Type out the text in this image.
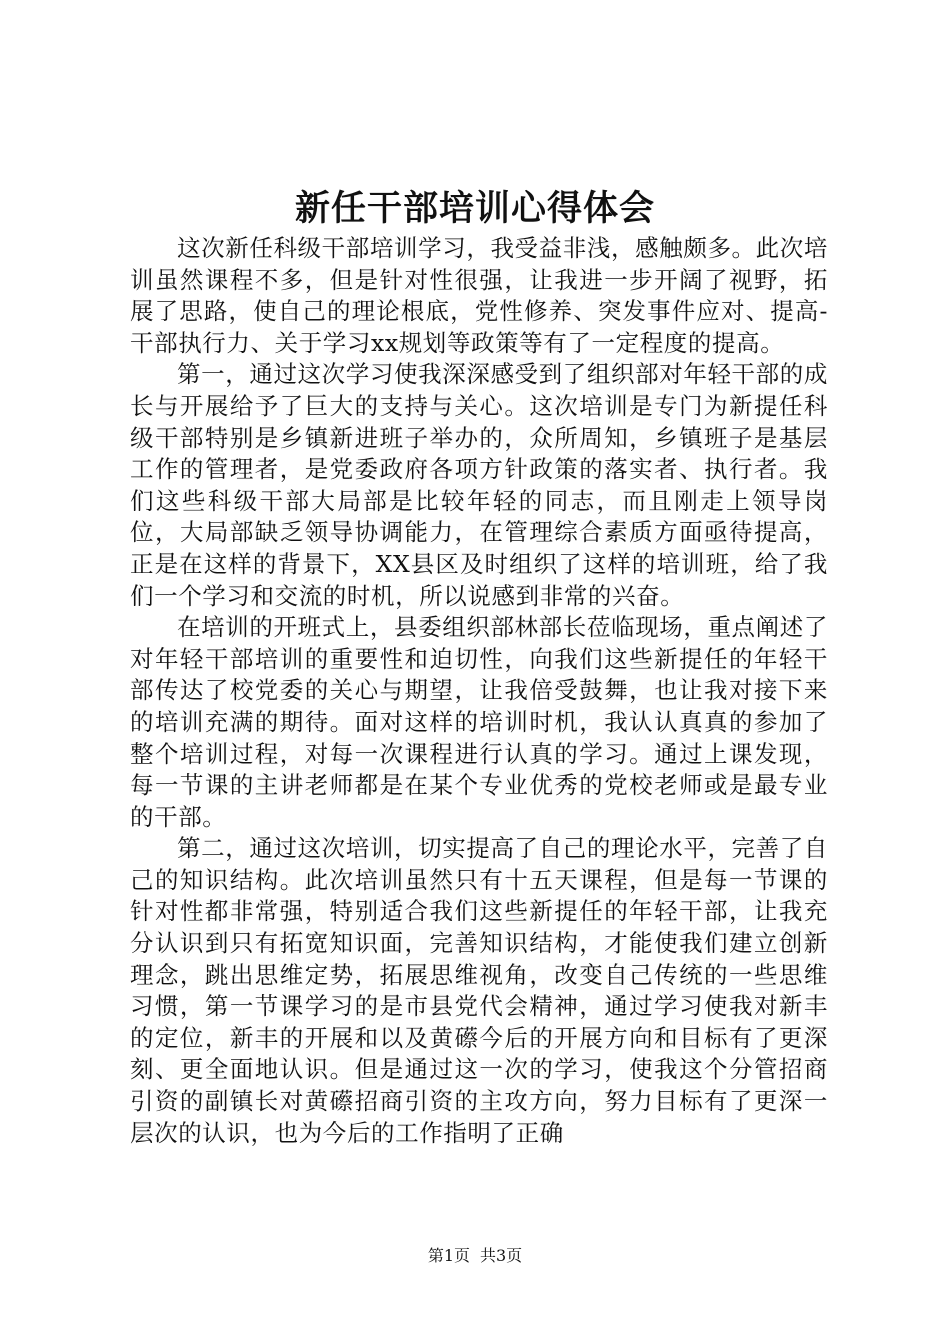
新任干部培训心得体会

这次新任科级干部培训学习，我受益非浅，感触颇多。此次培训虽然课程不多，但是针对性很强，让我进一步开阔了视野，拓展了思路，使自己的理论根底，党性修养、突发事件应对、提高-干部执行力、关于学习xx规划等政策等有了一定程度的提高。

第一，通过这次学习使我深深感受到了组织部对年轻干部的成长与开展给予了巨大的支持与关心。这次培训是专门为新提任科级干部特别是乡镇新进班子举办的，众所周知，乡镇班子是基层工作的管理者，是党委政府各项方针政策的落实者、执行者。我们这些科级干部大局部是比较年轻的同志，而且刚走上领导岗位，大局部缺乏领导协调能力，在管理综合素质方面亟待提高，正是在这样的背景下，XX县区及时组织了这样的培训班，给了我们一个学习和交流的时机，所以说感到非常的兴奋。

在培训的开班式上，县委组织部林部长莅临现场，重点阐述了对年轻干部培训的重要性和迫切性，向我们这些新提任的年轻干部传达了校党委的关心与期望，让我倍受鼓舞，也让我对接下来的培训充满的期待。面对这样的培训时机，我认认真真的参加了整个培训过程，对每一次课程进行认真的学习。通过上课发现，每一节课的主讲老师都是在某个专业优秀的党校老师或是最专业的干部。

第二，通过这次培训，切实提高了自己的理论水平，完善了自己的知识结构。此次培训虽然只有十五天课程，但是每一节课的针对性都非常强，特别适合我们这些新提任的年轻干部，让我充分认识到只有拓宽知识面，完善知识结构，才能使我们建立创新理念，跳出思维定势，拓展思维视角，改变自己传统的一些思维习惯，第一节课学习的是市县党代会精神，通过学习使我对新丰的定位，新丰的开展和以及黄礤今后的开展方向和目标有了更深刻、更全面地认识。但是通过这一次的学习，使我这个分管招商引资的副镇长对黄礤招商引资的主攻方向，努力目标有了更深一层次的认识，也为今后的工作指明了正确

第1页 共3页
